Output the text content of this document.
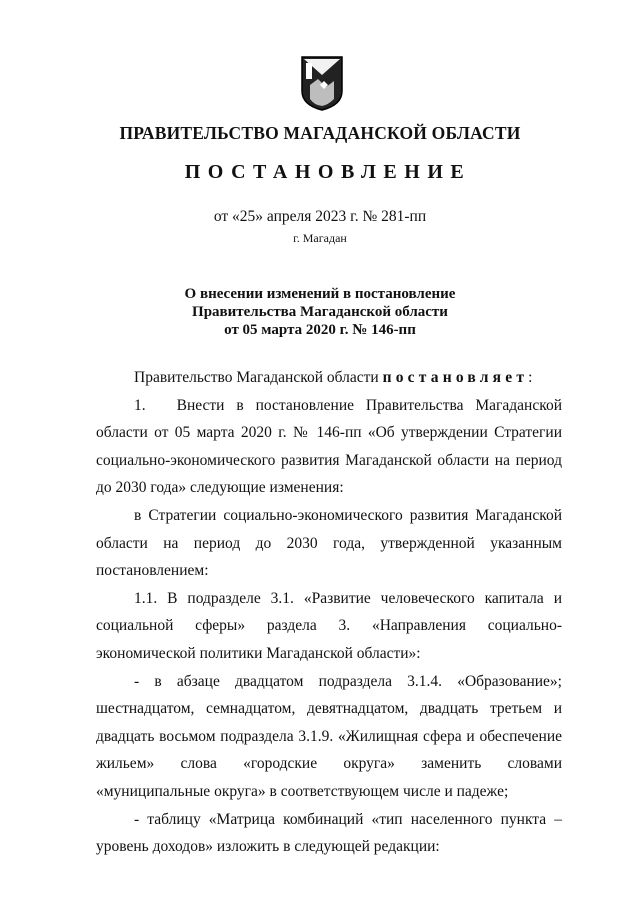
ПРАВИТЕЛЬСТВО МАГАДАНСКОЙ ОБЛАСТИ
ПОСТАНОВЛЕНИЕ
от «25» апреля 2023 г. № 281-пп
г. Магадан
О внесении изменений в постановление
Правительства Магаданской области
от 05 марта 2020 г. № 146-пп

Правительство Магаданской области постановляет:

1.  Внести в постановление Правительства Магаданской области от 05 марта 2020 г. № 146-пп «Об утверждении Стратегии социально-экономического развития Магаданской области на период до 2030 года» следующие изменения:

в Стратегии социально-экономического развития Магаданской области на период до 2030 года, утвержденной указанным постановлением:

1.1. В подразделе 3.1. «Развитие человеческого капитала и социальной сферы» раздела 3. «Направления социально-экономической политики Магаданской области»:

- в абзаце двадцатом подраздела 3.1.4. «Образование»; шестнадцатом, семнадцатом, девятнадцатом, двадцать третьем и двадцать восьмом подраздела 3.1.9. «Жилищная сфера и обеспечение жильем» слова «городские округа» заменить словами «муниципальные округа» в соответствующем числе и падеже;

- таблицу «Матрица комбинаций «тип населенного пункта – уровень доходов» изложить в следующей редакции:
